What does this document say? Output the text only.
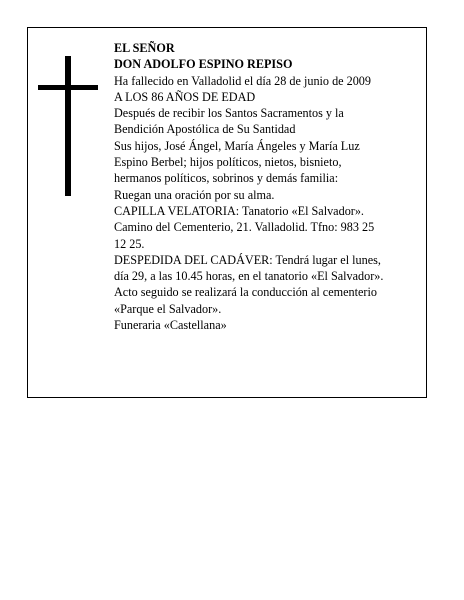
EL SEÑOR

DON ADOLFO ESPINO REPISO

Ha fallecido en Valladolid el día 28 de junio de 2009

A LOS 86 AÑOS DE EDAD

Después de recibir los Santos Sacramentos y la

Bendición Apostólica de Su Santidad

Sus hijos, José Ángel, María Ángeles y María Luz

Espino Berbel; hijos políticos, nietos, bisnieto,

hermanos políticos, sobrinos y demás familia:

Ruegan una oración por su alma.

CAPILLA VELATORIA: Tanatorio «El Salvador».

Camino del Cementerio, 21. Valladolid. Tfno: 983 25

12 25.

DESPEDIDA DEL CADÁVER: Tendrá lugar el lunes,

día 29, a las 10.45 horas, en el tanatorio «El Salvador».

Acto seguido se realizará la conducción al cementerio

«Parque el Salvador».

Funeraria «Castellana»
